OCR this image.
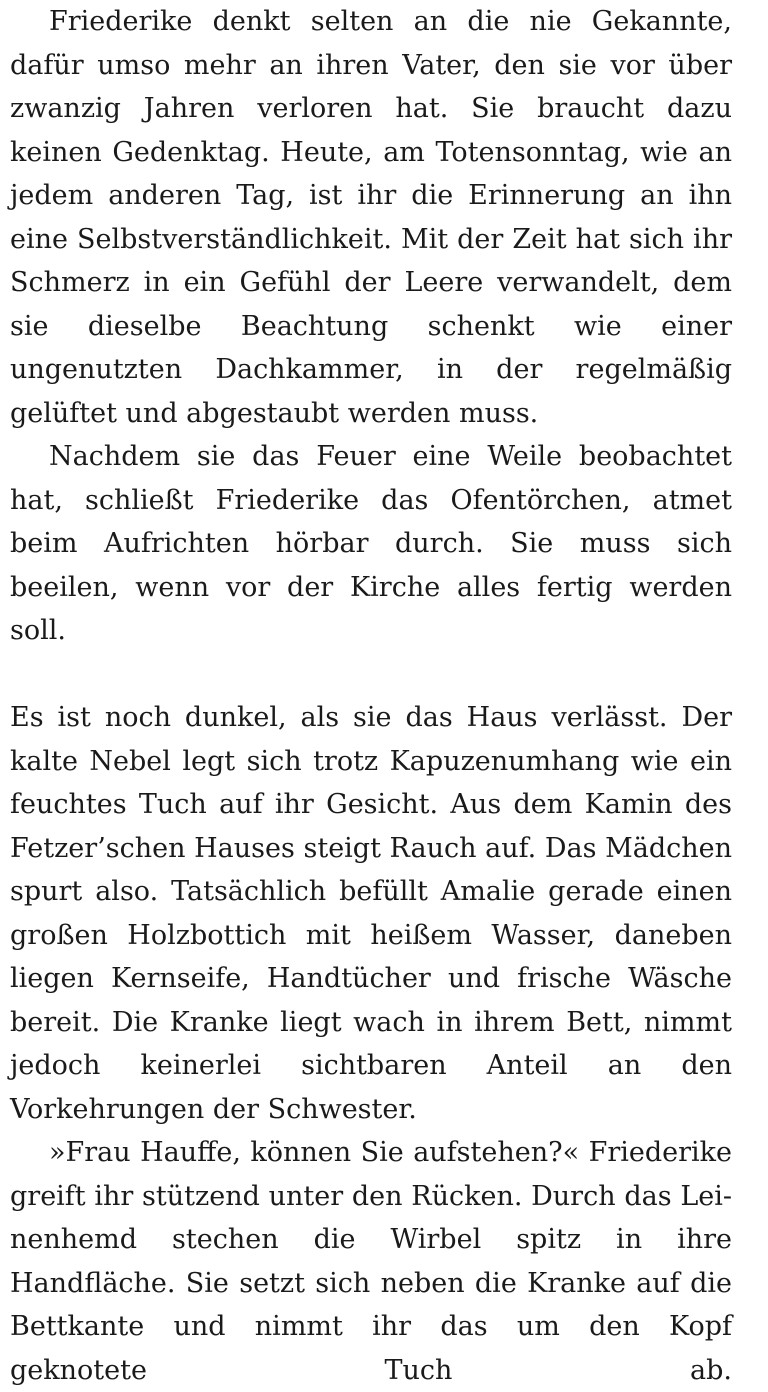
Friederike denkt selten an die nie Gekannte, dafür umso mehr an ihren Vater, den sie vor über zwanzig Jahren verloren hat. Sie braucht dazu keinen Gedenktag. Heute, am Totensonntag, wie an jedem anderen Tag, ist ihr die Erinnerung an ihn eine Selbstverständlichkeit. Mit der Zeit hat sich ihr Schmerz in ein Gefühl der Leere verwandelt, dem sie dieselbe Beachtung schenkt wie einer ungenutzten Dachkammer, in der regelmäßig gelüftet und abgestaubt werden muss.

Nachdem sie das Feuer eine Weile beobachtet hat, schließt Friederike das Ofentörchen, atmet beim Aufrichten hörbar durch. Sie muss sich beeilen, wenn vor der Kirche alles fertig werden soll.

Es ist noch dunkel, als sie das Haus verlässt. Der kalte Nebel legt sich trotz Kapuzenumhang wie ein feuchtes Tuch auf ihr Gesicht. Aus dem Kamin des Fetzer’schen Hauses steigt Rauch auf. Das Mädchen spurt also. Tatsächlich befüllt Amalie gerade einen großen Holzbottich mit heißem Wasser, daneben liegen Kernseife, Handtücher und frische Wäsche bereit. Die Kranke liegt wach in ihrem Bett, nimmt jedoch keinerlei sichtbaren Anteil an den Vorkehrungen der Schwester.

»Frau Hauffe, können Sie aufstehen?« Friederike greift ihr stützend unter den Rücken. Durch das Leinenhemd stechen die Wirbel spitz in ihre Handfläche. Sie setzt sich neben die Kranke auf die Bettkante und nimmt ihr das um den Kopf geknotete Tuch ab.
